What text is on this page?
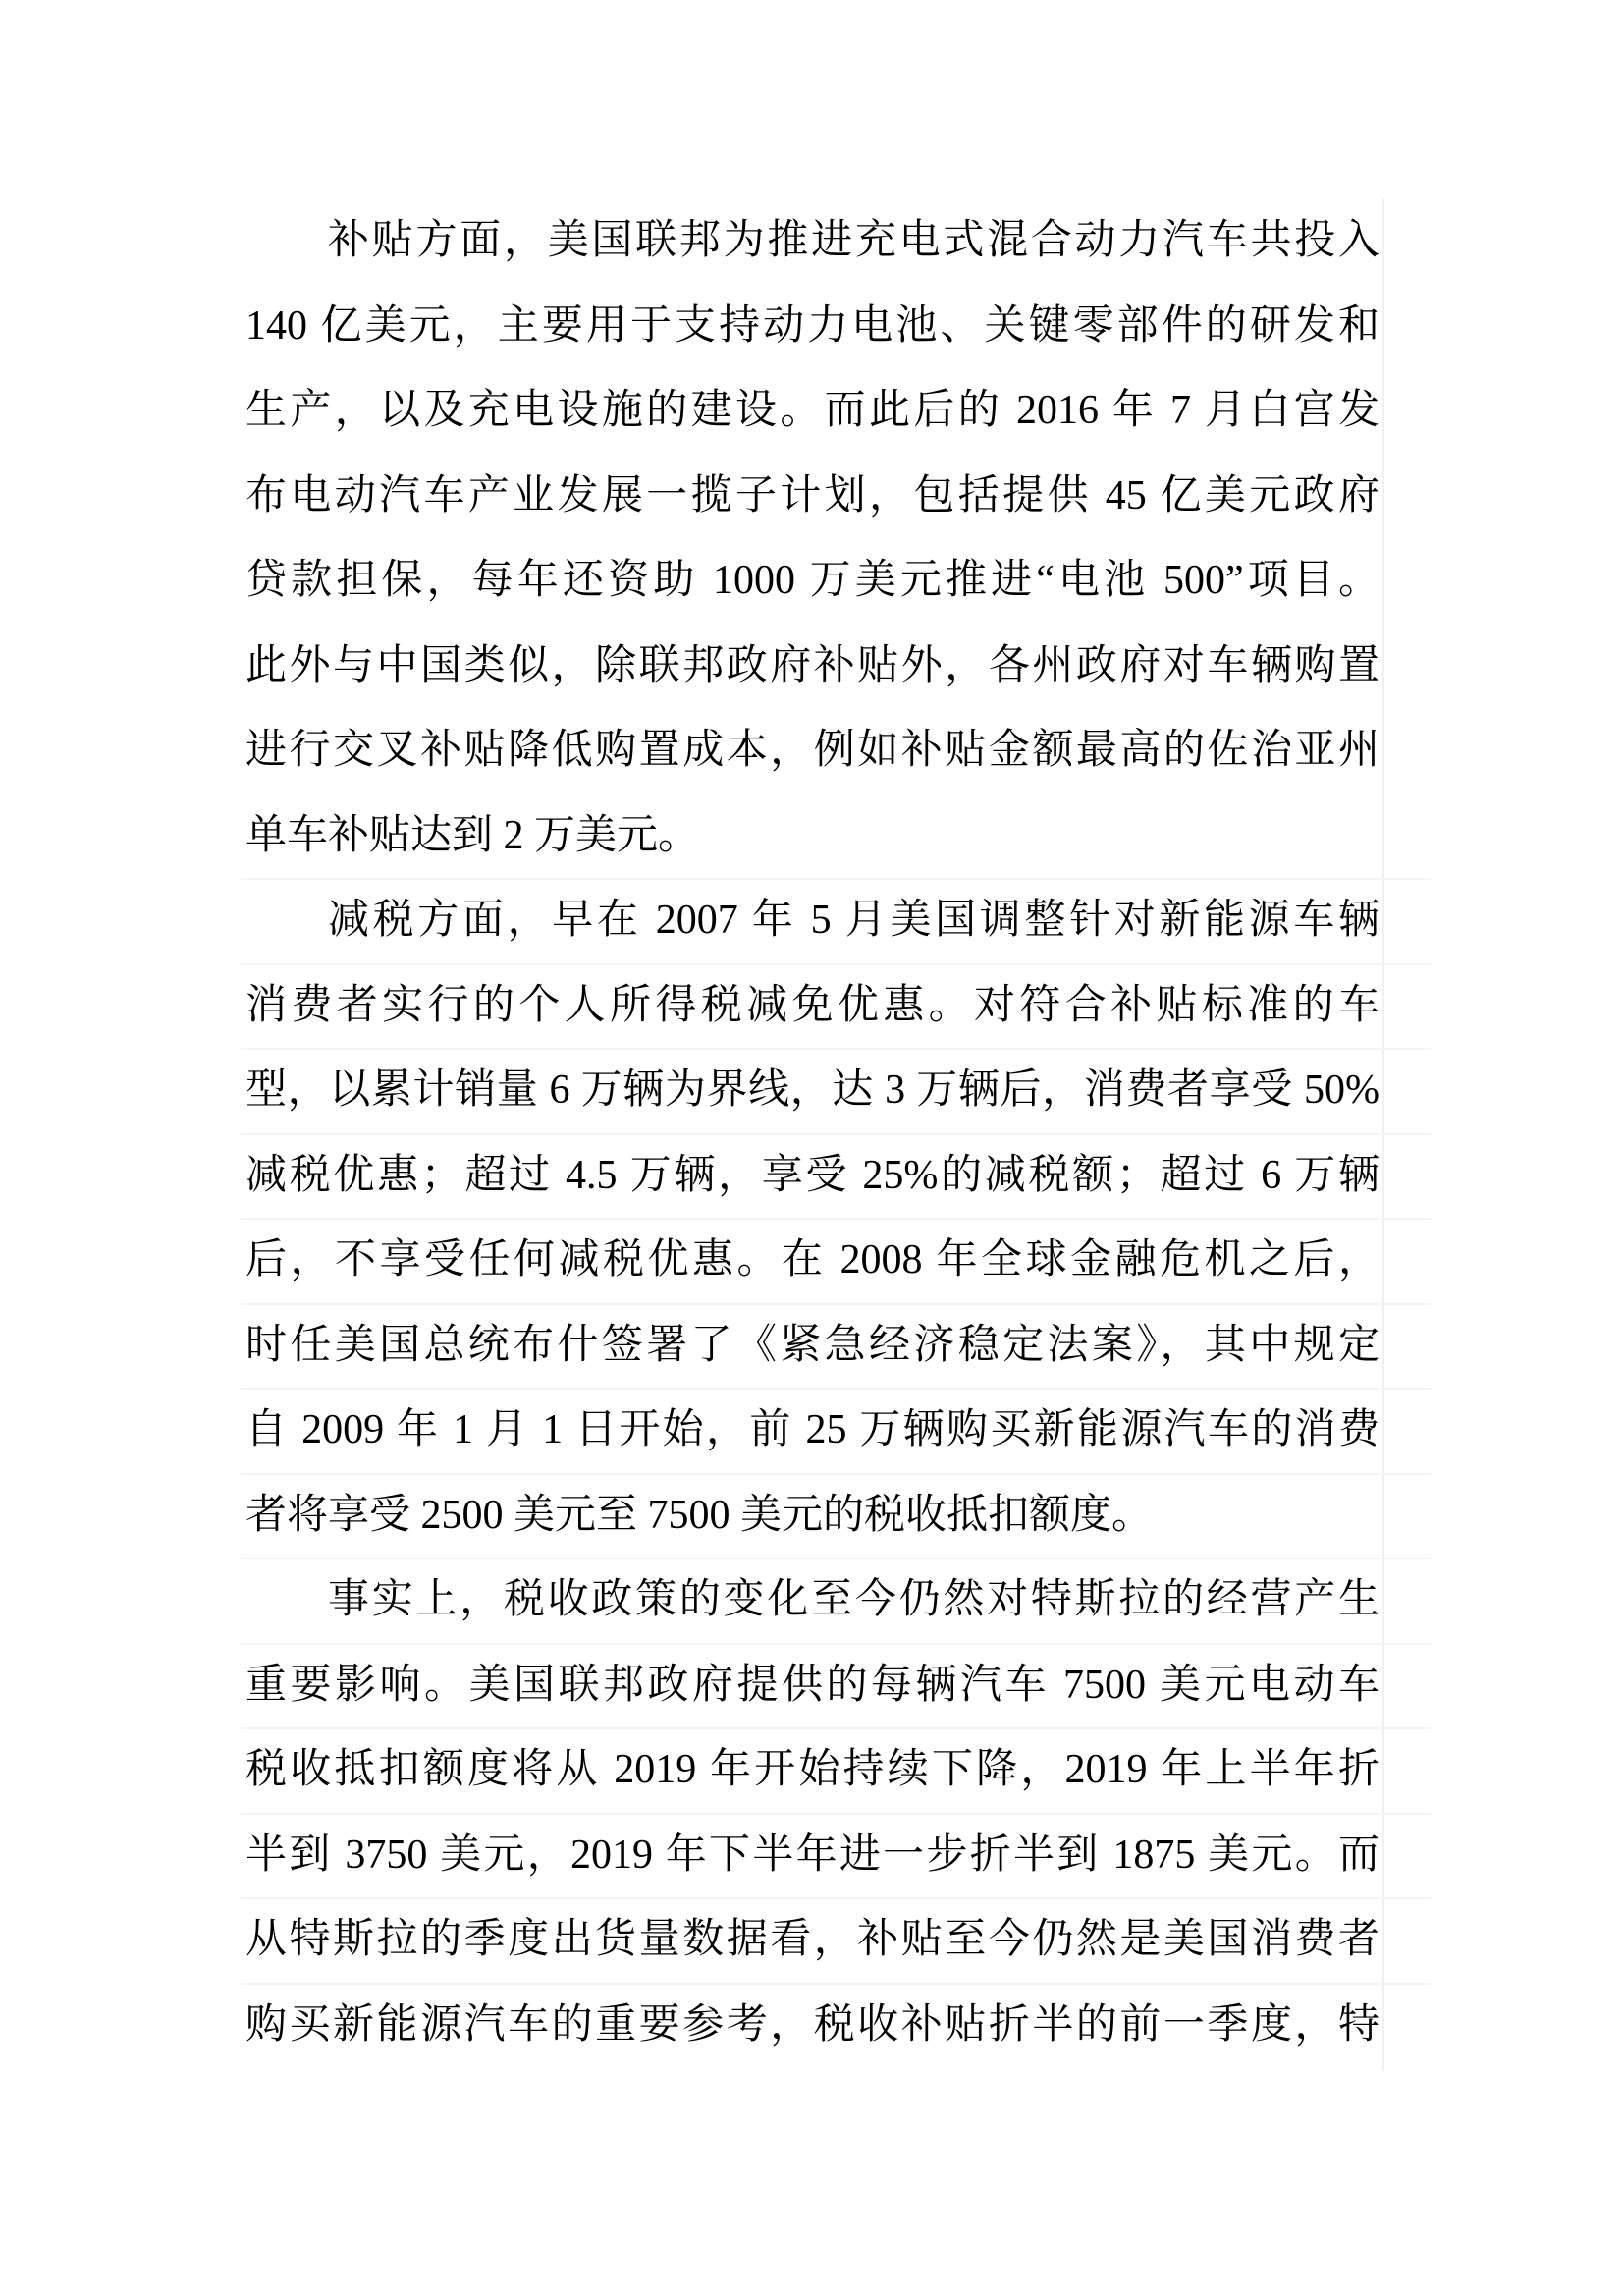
补贴方面，美国联邦为推进充电式混合动力汽车共投入
140 亿美元，主要用于支持动力电池、关键零部件的研发和
生产，以及充电设施的建设。而此后的 2016 年 7 月白宫发
布电动汽车产业发展一揽子计划，包括提供 45 亿美元政府
贷款担保，每年还资助 1000 万美元推进“电池 500”项目。
此外与中国类似，除联邦政府补贴外，各州政府对车辆购置
进行交叉补贴降低购置成本，例如补贴金额最高的佐治亚州
单车补贴达到 2 万美元。
减税方面，早在 2007 年 5 月美国调整针对新能源车辆
消费者实行的个人所得税减免优惠。对符合补贴标准的车
型，以累计销量 6 万辆为界线，达 3 万辆后，消费者享受 50%
减税优惠；超过 4.5 万辆，享受 25%的减税额；超过 6 万辆
后，不享受任何减税优惠。在 2008 年全球金融危机之后，
时任美国总统布什签署了《紧急经济稳定法案》，其中规定
自 2009 年 1 月 1 日开始，前 25 万辆购买新能源汽车的消费
者将享受 2500 美元至 7500 美元的税收抵扣额度。
事实上，税收政策的变化至今仍然对特斯拉的经营产生
重要影响。美国联邦政府提供的每辆汽车 7500 美元电动车
税收抵扣额度将从 2019 年开始持续下降，2019 年上半年折
半到 3750 美元，2019 年下半年进一步折半到 1875 美元。而
从特斯拉的季度出货量数据看，补贴至今仍然是美国消费者
购买新能源汽车的重要参考，税收补贴折半的前一季度，特
